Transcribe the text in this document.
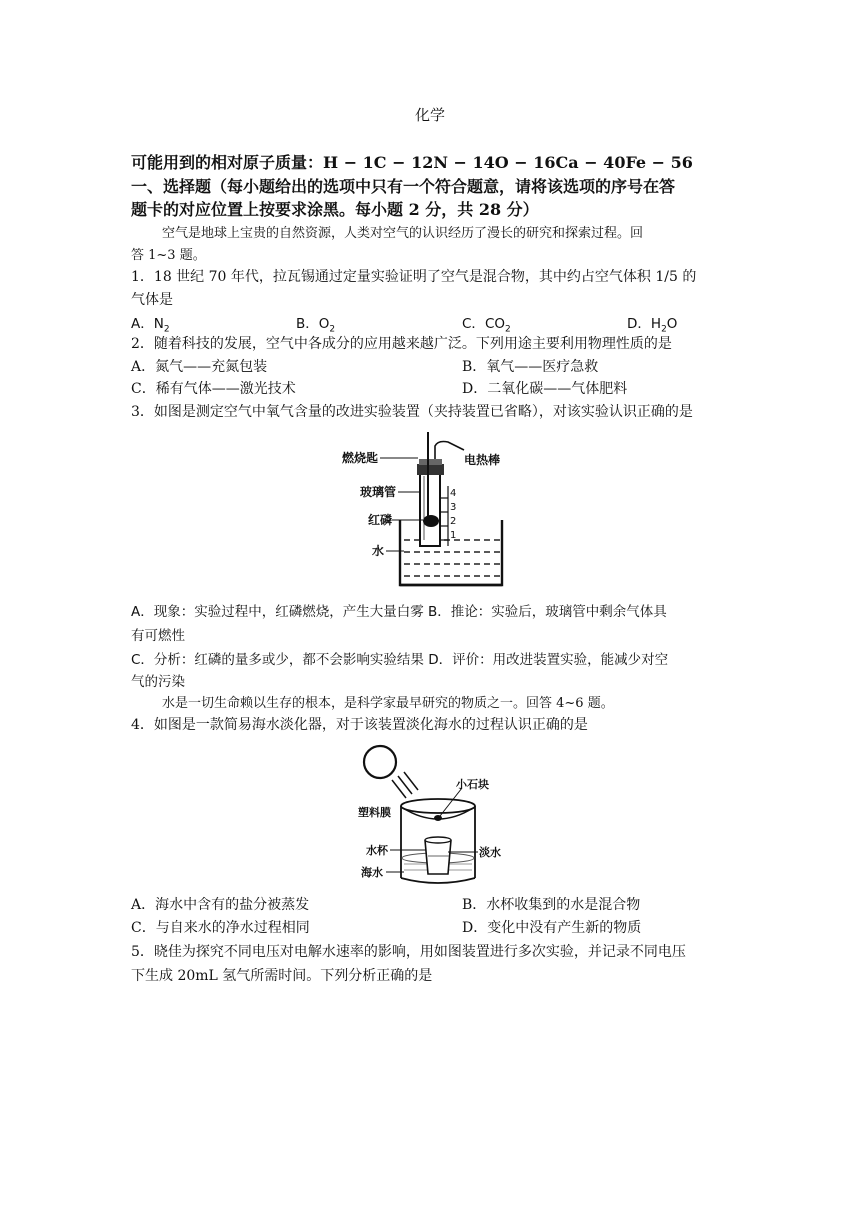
化学
可能用到的相对原子质量：H − 1C − 12N − 14O − 16Ca − 40Fe − 56
一、选择题（每小题给出的选项中只有一个符合题意，请将该选项的序号在答
题卡的对应位置上按要求涂黑。每小题 2 分，共 28 分）
空气是地球上宝贵的自然资源，人类对空气的认识经历了漫长的研究和探索过程。回
答 1~3 题。
1．18 世纪 70 年代，拉瓦锡通过定量实验证明了空气是混合物，其中约占空气体积 1/5 的
气体是
A．$N_2$	B．$O_2$	C．$CO_2$	D．$H_2O$
2．随着科技的发展，空气中各成分的应用越来越广泛。下列用途主要利用物理性质的是
A．氮气——充氮包装	B．氧气——医疗急救
C．稀有气体——激光技术	D．二氧化碳——气体肥料
3．如图是测定空气中氧气含量的改进实验装置（夹持装置已省略），对该实验认识正确的是
4
3
2
1
燃烧匙	电热棒
玻璃管
红磷
水
A．现象：实验过程中，红磷燃烧，产生大量白雾 B．推论：实验后，玻璃管中剩余气体具
有可燃性
C．分析：红磷的量多或少，都不会影响实验结果 D．评价：用改进装置实验，能减少对空
气的污染
水是一切生命赖以生存的根本，是科学家最早研究的物质之一。回答 4~6 题。
4．如图是一款简易海水淡化器，对于该装置淡化海水的过程认识正确的是
小石块
塑料膜
水杯	淡水
海水
A．海水中含有的盐分被蒸发	B．水杯收集到的水是混合物
C．与自来水的净水过程相同	D．变化中没有产生新的物质
5．晓佳为探究不同电压对电解水速率的影响，用如图装置进行多次实验，并记录不同电压
下生成 20mL 氢气所需时间。下列分析正确的是
